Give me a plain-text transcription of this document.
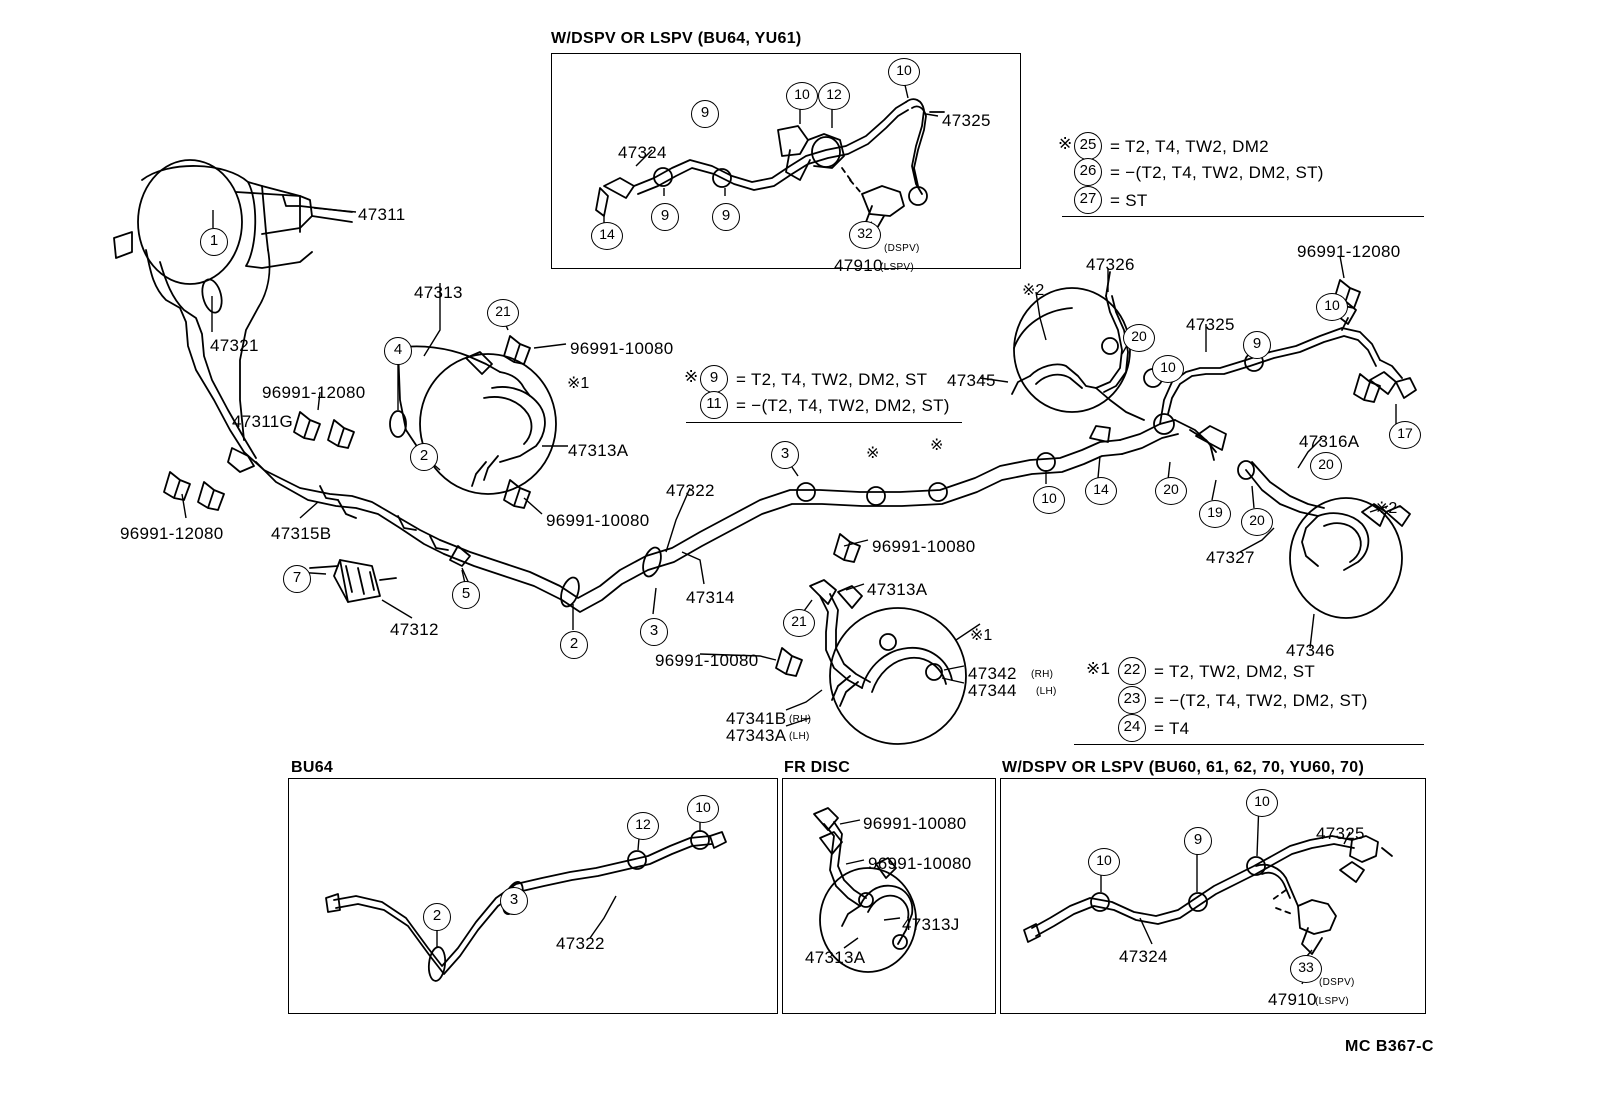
W/DSPV OR LSPV (BU64, YU61)
BU64	FR DISC	W/DSPV OR LSPV (BU60, 61, 62, 70, YU60, 70)
※ 25 = T2, T4, TW2, DM2
26 = −(T2, T4, TW2, DM2, ST)
27 = ST
※ 9	= T2, T4, TW2, DM2, ST
11 = −(T2, T4, TW2, DM2, ST)
※1 22 = T2, TW2, DM2, ST
23 = −(T2, T4, TW2, DM2, ST)
24 = T4
47311
47321
47313
96991-10080
96991-12080
47311G
47313A
96991-12080	47315B
96991-10080
47322
47312
47314
96991-10080
47313A
96991-10080
47341B (RH)
47343A (LH)
47342 (RH)
47344 (LH)
47345
47326
47325
96991-12080
47316A
47327
47346
47324
47325
47910
(LSPV)
(DSPV)
47322
96991-10080
96991-10080
47313J
47313A	47324
47325
47910
(LSPV)
(DSPV)
1
4
21
2
7
5
2
3
3
21
10
14	20
19	20
20
10
9
10
17
20
9
9	9
10	12
10
14	32
2
3
12
10
10
9
10
33
※1
※2
※2
※1
※	※
MC B367-C
